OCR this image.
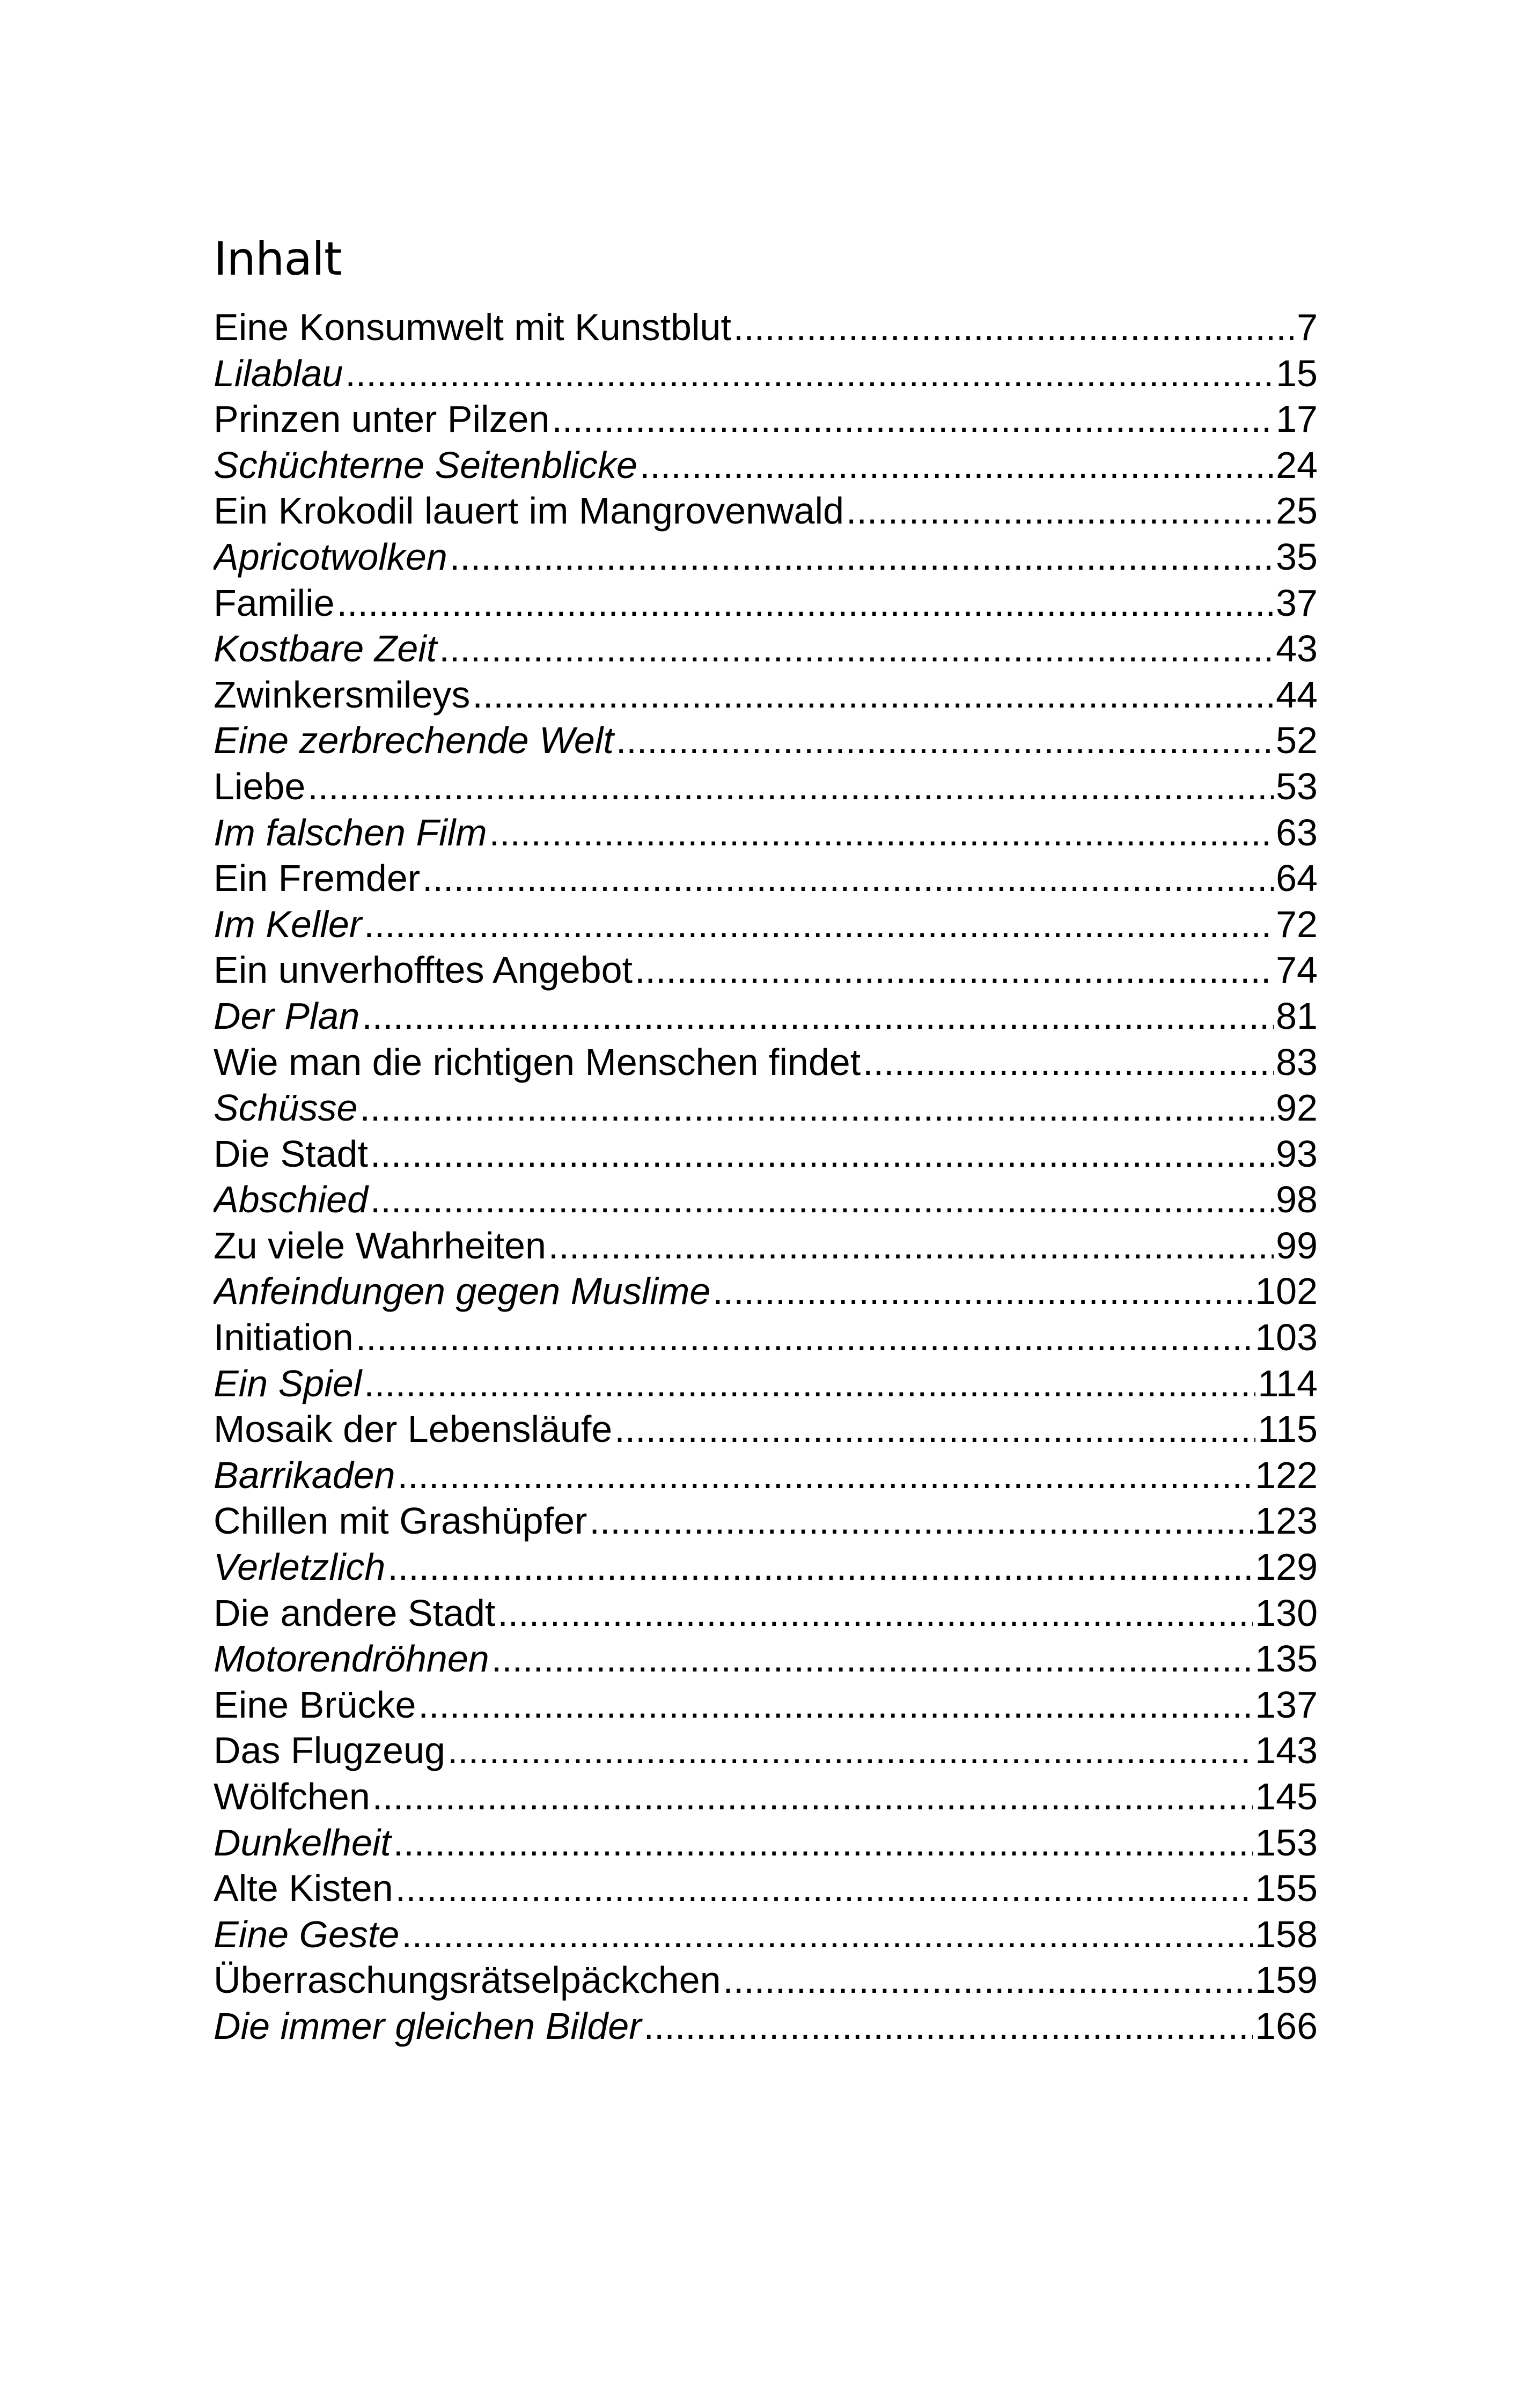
Inhalt
Eine Konsumwelt mit Kunstblut .....	7
Lilablau .....	15
Prinzen unter Pilzen .....	17
Schüchterne Seitenblicke .....	24
Ein Krokodil lauert im Mangrovenwald .....	25
Apricotwolken .....	35
Familie .....	37
Kostbare Zeit .....	43
Zwinkersmileys .....	44
Eine zerbrechende Welt .....	52
Liebe .....	53
Im falschen Film .....	63
Ein Fremder .....	64
Im Keller .....	72
Ein unverhofftes Angebot .....	74
Der Plan .....	81
Wie man die richtigen Menschen findet .....	83
Schüsse .....	92
Die Stadt .....	93
Abschied .....	98
Zu viele Wahrheiten .....	99
Anfeindungen gegen Muslime .....	102
Initiation .....	103
Ein Spiel .....	114
Mosaik der Lebensläufe .....	115
Barrikaden .....	122
Chillen mit Grashüpfer .....	123
Verletzlich .....	129
Die andere Stadt .....	130
Motorendröhnen .....	135
Eine Brücke .....	137
Das Flugzeug .....	143
Wölfchen .....	145
Dunkelheit .....	153
Alte Kisten .....	155
Eine Geste .....	158
Überraschungsrätselpäckchen .....	159
Die immer gleichen Bilder .....	166
